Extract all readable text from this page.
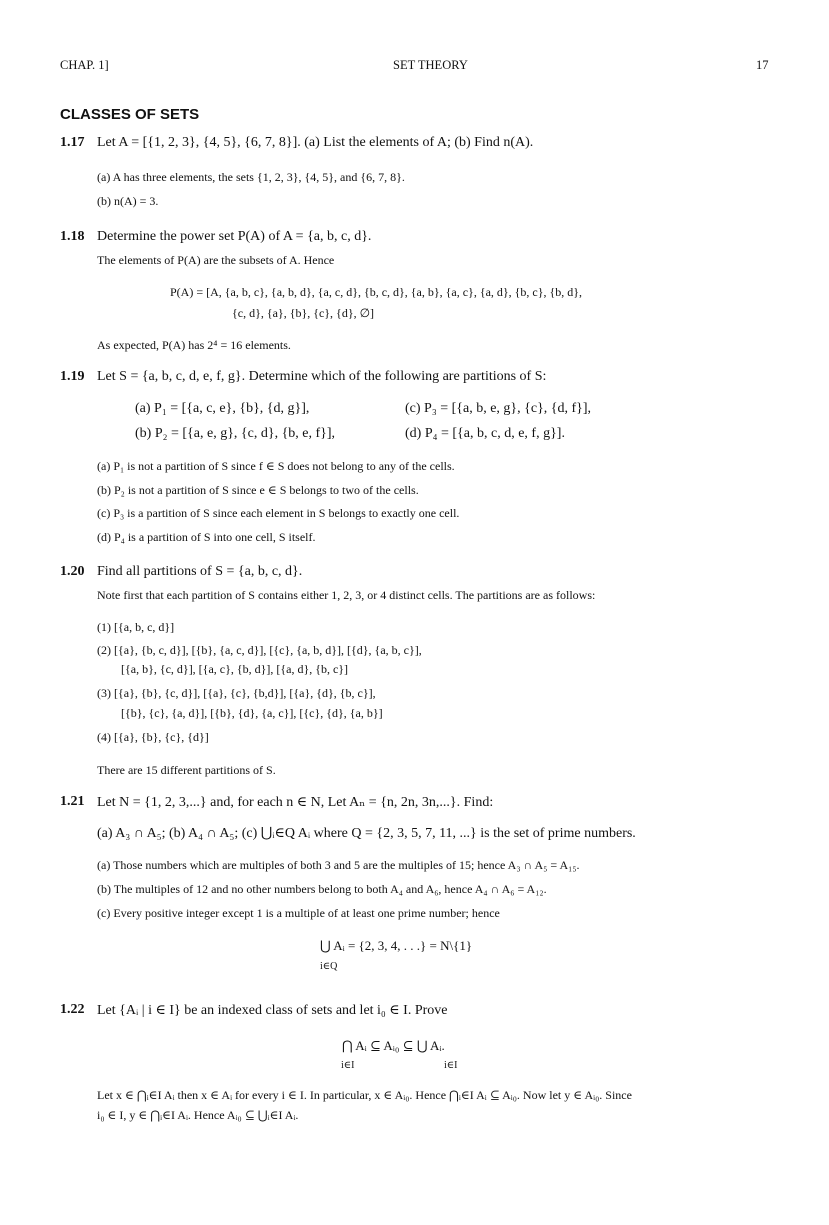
CHAP. 1]	SET THEORY	17
CLASSES OF SETS
1.17 Let A = [{1, 2, 3}, {4, 5}, {6, 7, 8}]. (a) List the elements of A; (b) Find n(A).
(a) A has three elements, the sets {1, 2, 3}, {4, 5}, and {6, 7, 8}.
(b) n(A) = 3.
1.18 Determine the power set P(A) of A = {a, b, c, d}.
The elements of P(A) are the subsets of A. Hence
P(A) = [A, {a, b, c}, {a, b, d}, {a, c, d}, {b, c, d}, {a, b}, {a, c}, {a, d}, {b, c}, {b, d},
{c, d}, {a}, {b}, {c}, {d}, ∅]
As expected, P(A) has 2⁴ = 16 elements.
1.19 Let S = {a, b, c, d, e, f, g}. Determine which of the following are partitions of S:
(a) P₁ = [{a, c, e}, {b}, {d, g}],	(c) P₃ = [{a, b, e, g}, {c}, {d, f}],
(b) P₂ = [{a, e, g}, {c, d}, {b, e, f}],	(d) P₄ = [{a, b, c, d, e, f, g}].
(a) P₁ is not a partition of S since f ∈ S does not belong to any of the cells.
(b) P₂ is not a partition of S since e ∈ S belongs to two of the cells.
(c) P₃ is a partition of S since each element in S belongs to exactly one cell.
(d) P₄ is a partition of S into one cell, S itself.
1.20 Find all partitions of S = {a, b, c, d}.
Note first that each partition of S contains either 1, 2, 3, or 4 distinct cells. The partitions are as follows:
(1) [{a, b, c, d}]
(2) [{a}, {b, c, d}], [{b}, {a, c, d}], [{c}, {a, b, d}], [{d}, {a, b, c}],
[{a, b}, {c, d}], [{a, c}, {b, d}], [{a, d}, {b, c}]
(3) [{a}, {b}, {c, d}], [{a}, {c}, {b,d}], [{a}, {d}, {b, c}],
[{b}, {c}, {a, d}], [{b}, {d}, {a, c}], [{c}, {d}, {a, b}]
(4) [{a}, {b}, {c}, {d}]
There are 15 different partitions of S.
1.21 Let N = {1, 2, 3,...} and, for each n ∈ N, Let Aₙ = {n, 2n, 3n,...}. Find:
(a) A₃ ∩ A₅; (b) A₄ ∩ A₅; (c) ⋃ᵢ∈Q Aᵢ where Q = {2, 3, 5, 7, 11, ...} is the set of prime numbers.
(a) Those numbers which are multiples of both 3 and 5 are the multiples of 15; hence A₃ ∩ A₅ = A₁₅.
(b) The multiples of 12 and no other numbers belong to both A₄ and A₆, hence A₄ ∩ A₆ = A₁₂.
(c) Every positive integer except 1 is a multiple of at least one prime number; hence
⋃ Aᵢ = {2, 3, 4, . . .} = N\{1}
i∈Q
1.22 Let {Aᵢ | i ∈ I} be an indexed class of sets and let i₀ ∈ I. Prove
⋂ Aᵢ ⊆ Aᵢ₀ ⊆ ⋃ Aᵢ.
i∈I	i∈I
Let x ∈ ⋂ᵢ∈I Aᵢ then x ∈ Aᵢ for every i ∈ I. In particular, x ∈ Aᵢ₀. Hence ⋂ᵢ∈I Aᵢ ⊆ Aᵢ₀. Now let y ∈ Aᵢ₀. Since
i₀ ∈ I, y ∈ ⋂ᵢ∈I Aᵢ. Hence Aᵢ₀ ⊆ ⋃ᵢ∈I Aᵢ.
